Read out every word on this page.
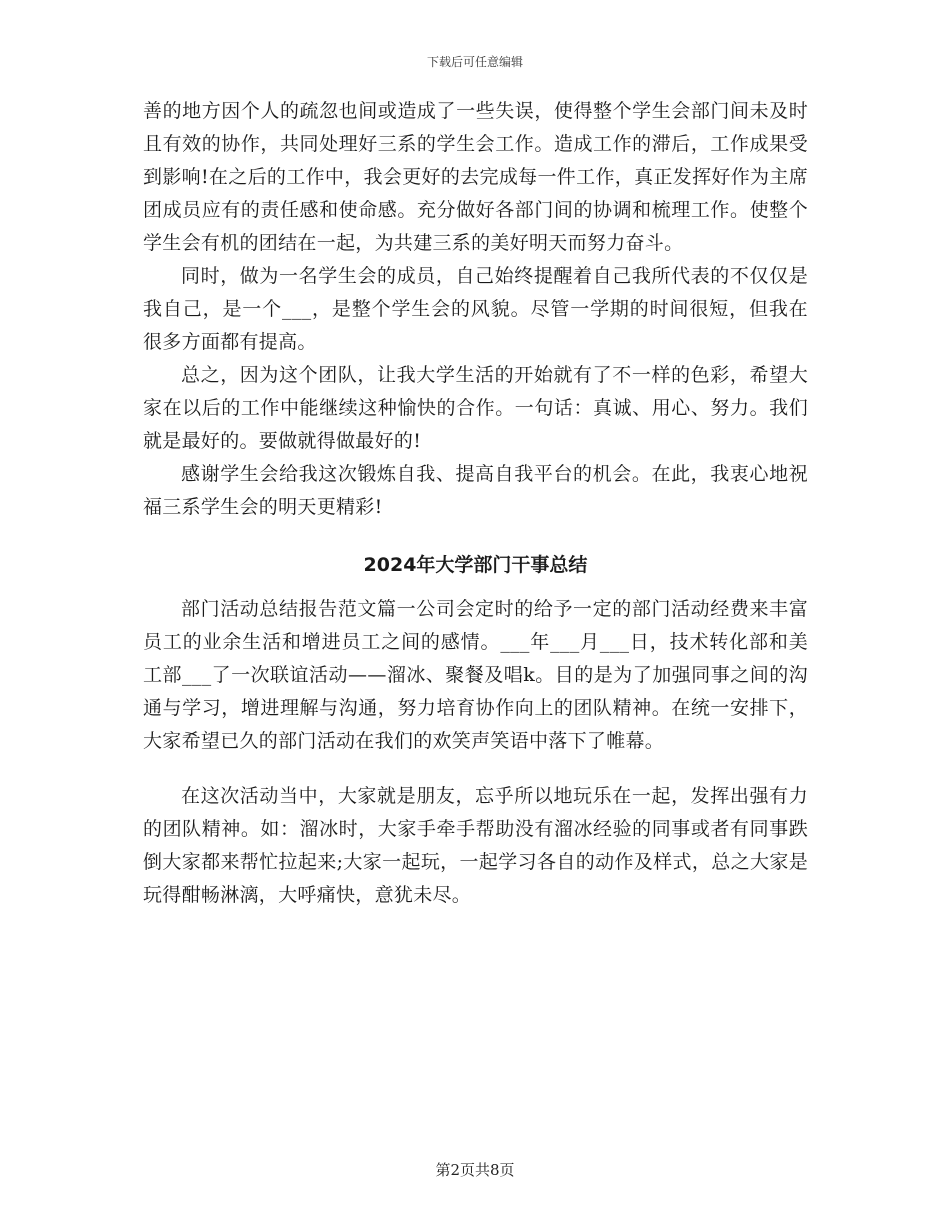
下载后可任意编辑

善的地方因个人的疏忽也间或造成了一些失误，使得整个学生会部门间未及时且有效的协作，共同处理好三系的学生会工作。造成工作的滞后，工作成果受到影响!在之后的工作中，我会更好的去完成每一件工作，真正发挥好作为主席团成员应有的责任感和使命感。充分做好各部门间的协调和梳理工作。使整个学生会有机的团结在一起，为共建三系的美好明天而努力奋斗。

同时，做为一名学生会的成员，自己始终提醒着自己我所代表的不仅仅是我自己，是一个___，是整个学生会的风貌。尽管一学期的时间很短，但我在很多方面都有提高。

总之，因为这个团队，让我大学生活的开始就有了不一样的色彩，希望大家在以后的工作中能继续这种愉快的合作。一句话：真诚、用心、努力。我们就是最好的。要做就得做最好的!

感谢学生会给我这次锻炼自我、提高自我平台的机会。在此，我衷心地祝福三系学生会的明天更精彩!

2024年大学部门干事总结

部门活动总结报告范文篇一公司会定时的给予一定的部门活动经费来丰富员工的业余生活和增进员工之间的感情。___年___月___日，技术转化部和美工部___了一次联谊活动——溜冰、聚餐及唱k。目的是为了加强同事之间的沟通与学习，增进理解与沟通，努力培育协作向上的团队精神。在统一安排下，大家希望已久的部门活动在我们的欢笑声笑语中落下了帷幕。

在这次活动当中，大家就是朋友，忘乎所以地玩乐在一起，发挥出强有力的团队精神。如：溜冰时，大家手牵手帮助没有溜冰经验的同事或者有同事跌倒大家都来帮忙拉起来;大家一起玩，一起学习各自的动作及样式，总之大家是玩得酣畅淋漓，大呼痛快，意犹未尽。

第2页共8页
